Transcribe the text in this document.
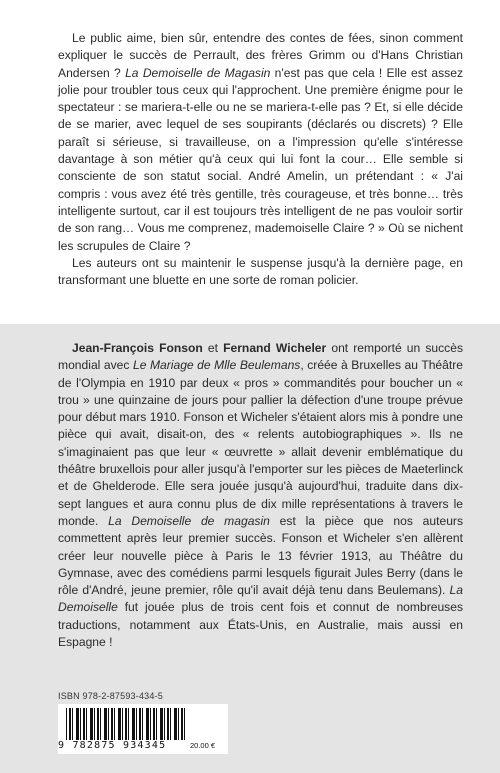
Le public aime, bien sûr, entendre des contes de fées, sinon comment expliquer le succès de Perrault, des frères Grimm ou d'Hans Christian Andersen ? La Demoiselle de Magasin n'est pas que cela ! Elle est assez jolie pour troubler tous ceux qui l'approchent. Une première énigme pour le spectateur : se mariera-t-elle ou ne se mariera-t-elle pas ? Et, si elle décide de se marier, avec lequel de ses soupirants (déclarés ou discrets) ? Elle paraît si sérieuse, si travailleuse, on a l'impression qu'elle s'intéresse davantage à son métier qu'à ceux qui lui font la cour… Elle semble si consciente de son statut social. André Amelin, un prétendant : « J'ai compris : vous avez été très gentille, très courageuse, et très bonne… très intelligente surtout, car il est toujours très intelligent de ne pas vouloir sortir de son rang… Vous me comprenez, mademoiselle Claire ? » Où se nichent les scrupules de Claire ?

Les auteurs ont su maintenir le suspense jusqu'à la dernière page, en transformant une bluette en une sorte de roman policier.

Jean-François Fonson et Fernand Wicheler ont remporté un succès mondial avec Le Mariage de Mlle Beulemans, créée à Bruxelles au Théâtre de l'Olympia en 1910 par deux « pros » commandités pour boucher un « trou » une quinzaine de jours pour pallier la défection d'une troupe prévue pour début mars 1910. Fonson et Wicheler s'étaient alors mis à pondre une pièce qui avait, disait-on, des « relents autobiographiques ». Ils ne s'imaginaient pas que leur « œuvrette » allait devenir emblématique du théâtre bruxellois pour aller jusqu'à l'emporter sur les pièces de Maeterlinck et de Ghelderode. Elle sera jouée jusqu'à aujourd'hui, traduite dans dix-sept langues et aura connu plus de dix mille représentations à travers le monde. La Demoiselle de magasin est la pièce que nos auteurs commettent après leur premier succès. Fonson et Wicheler s'en allèrent créer leur nouvelle pièce à Paris le 13 février 1913, au Théâtre du Gymnase, avec des comédiens parmi lesquels figurait Jules Berry (dans le rôle d'André, jeune premier, rôle qu'il avait déjà tenu dans Beulemans). La Demoiselle fut jouée plus de trois cent fois et connut de nombreuses traductions, notamment aux États-Unis, en Australie, mais aussi en Espagne !

ISBN 978-2-87593-434-5
9 782875 934345	20.00 €
